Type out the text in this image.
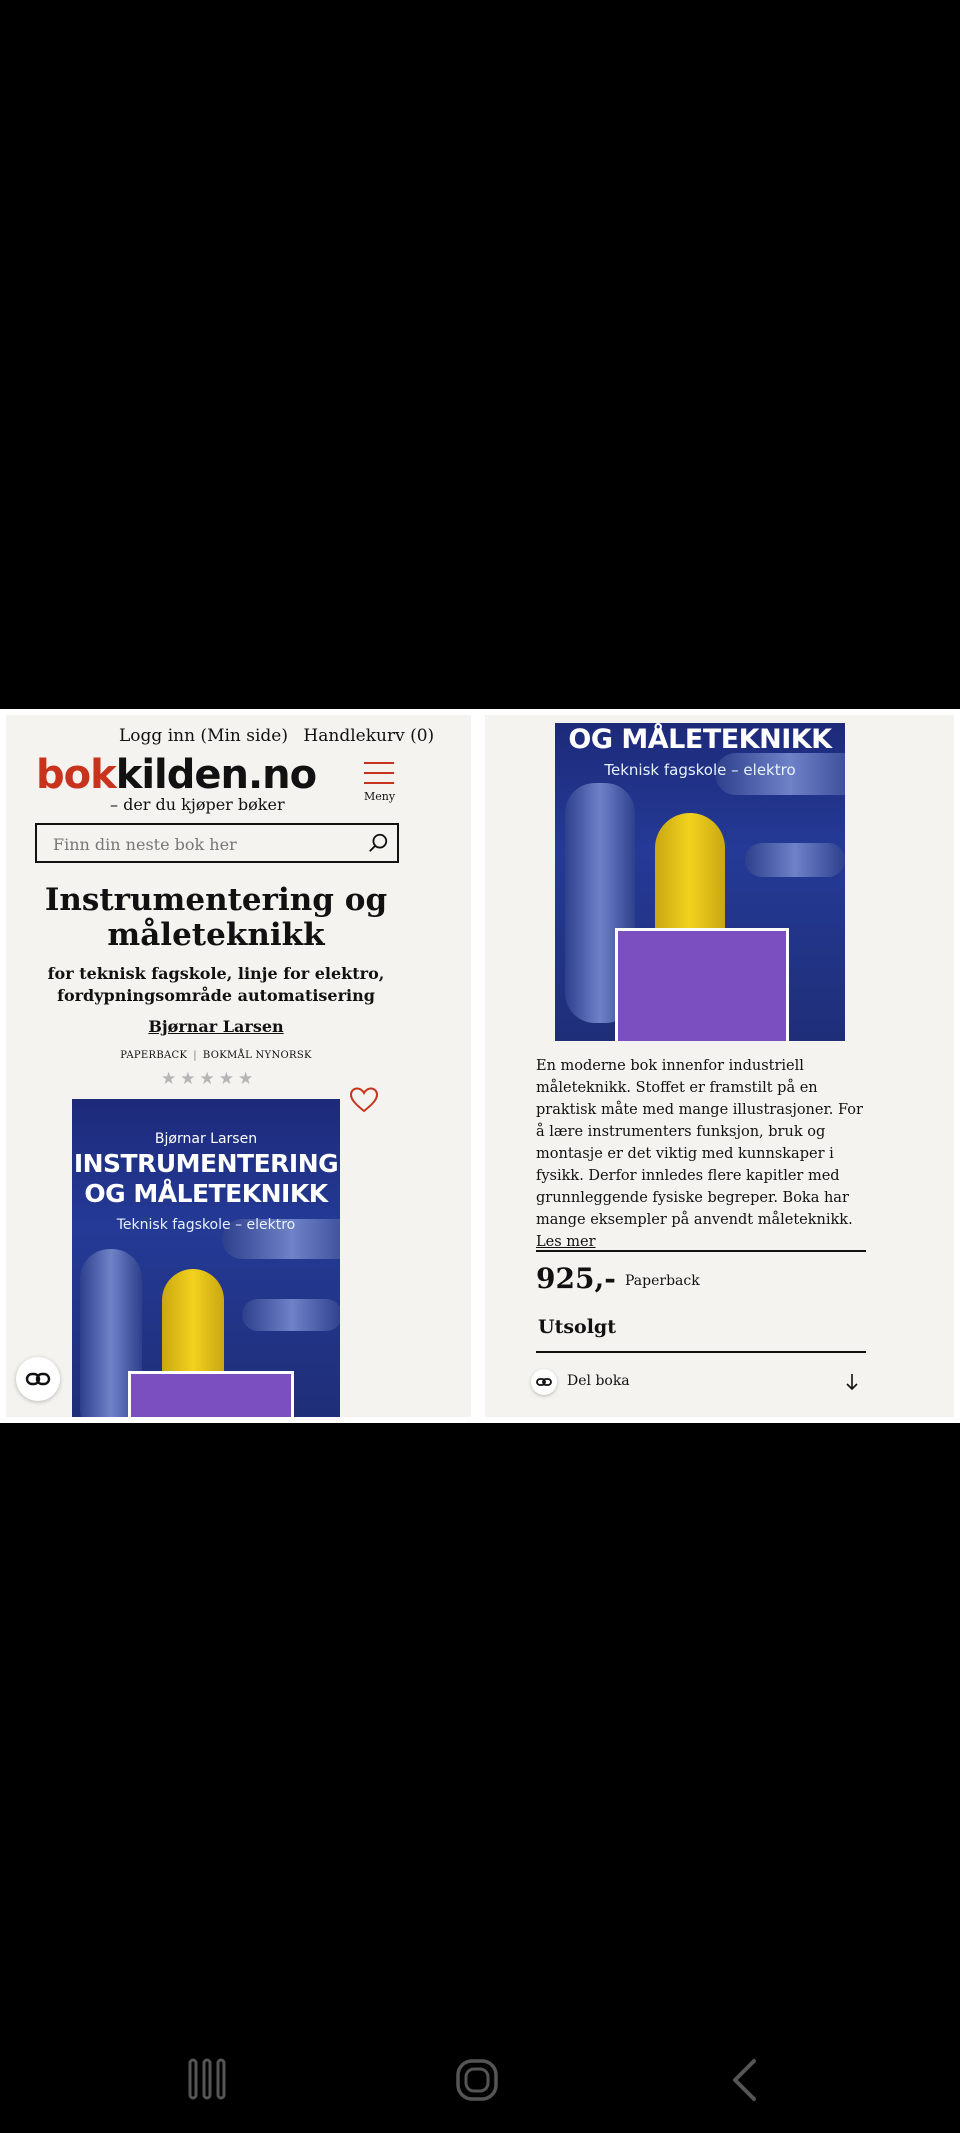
Logg inn (Min side) Handlekurv (0)
bokkilden.no
– der du kjøper bøker	Meny
Finn din neste bok her
Instrumentering og måleteknikk
for teknisk fagskole, linje for elektro, fordypningsområde automatisering
Bjørnar Larsen
PAPERBACK | BOKMÅL NYNORSK
★★★★★
Bjørnar Larsen
INSTRUMENTERING
OG MÅLETEKNIKK
Teknisk fagskole – elektro
OG MÅLETEKNIKK
Teknisk fagskole – elektro
En moderne bok innenfor industriell måleteknikk. Stoffet er framstilt på en praktisk måte med mange illustrasjoner. For å lære instrumenters funksjon, bruk og montasje er det viktig med kunnskaper i fysikk. Derfor innledes flere kapitler med grunnleggende fysiske begreper. Boka har mange eksempler på anvendt måleteknikk. Les mer
925,- Paperback
Utsolgt
Del boka
